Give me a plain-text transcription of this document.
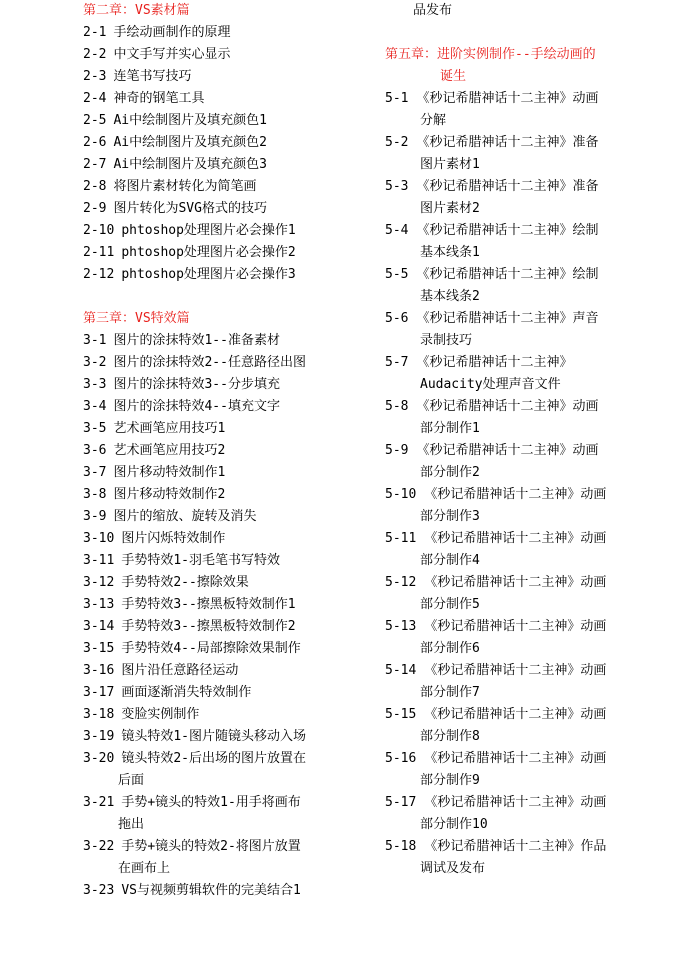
第二章：VS素材篇
2-1 手绘动画制作的原理
2-2 中文手写并实心显示
2-3 连笔书写技巧
2-4 神奇的钢笔工具
2-5 Ai中绘制图片及填充颜色1
2-6 Ai中绘制图片及填充颜色2
2-7 Ai中绘制图片及填充颜色3
2-8 将图片素材转化为简笔画
2-9 图片转化为SVG格式的技巧
2-10 phtoshop处理图片必会操作1
2-11 phtoshop处理图片必会操作2
2-12 phtoshop处理图片必会操作3
第三章：VS特效篇
3-1 图片的涂抹特效1--准备素材
3-2 图片的涂抹特效2--任意路径出图
3-3 图片的涂抹特效3--分步填充
3-4 图片的涂抹特效4--填充文字
3-5 艺术画笔应用技巧1
3-6 艺术画笔应用技巧2
3-7 图片移动特效制作1
3-8 图片移动特效制作2
3-9 图片的缩放、旋转及消失
3-10 图片闪烁特效制作
3-11 手势特效1-羽毛笔书写特效
3-12 手势特效2--擦除效果
3-13 手势特效3--擦黑板特效制作1
3-14 手势特效3--擦黑板特效制作2
3-15 手势特效4--局部擦除效果制作
3-16 图片沿任意路径运动
3-17 画面逐渐消失特效制作
3-18 变脸实例制作
3-19 镜头特效1-图片随镜头移动入场
3-20 镜头特效2-后出场的图片放置在
后面
3-21 手势+镜头的特效1-用手将画布
拖出
3-22 手势+镜头的特效2-将图片放置
在画布上
3-23 VS与视频剪辑软件的完美结合1
品发布
第五章：进阶实例制作--手绘动画的
诞生
5-1 《秒记希腊神话十二主神》动画
分解
5-2 《秒记希腊神话十二主神》准备
图片素材1
5-3 《秒记希腊神话十二主神》准备
图片素材2
5-4 《秒记希腊神话十二主神》绘制
基本线条1
5-5 《秒记希腊神话十二主神》绘制
基本线条2
5-6 《秒记希腊神话十二主神》声音
录制技巧
5-7 《秒记希腊神话十二主神》
Audacity处理声音文件
5-8 《秒记希腊神话十二主神》动画
部分制作1
5-9 《秒记希腊神话十二主神》动画
部分制作2
5-10 《秒记希腊神话十二主神》动画
部分制作3
5-11 《秒记希腊神话十二主神》动画
部分制作4
5-12 《秒记希腊神话十二主神》动画
部分制作5
5-13 《秒记希腊神话十二主神》动画
部分制作6
5-14 《秒记希腊神话十二主神》动画
部分制作7
5-15 《秒记希腊神话十二主神》动画
部分制作8
5-16 《秒记希腊神话十二主神》动画
部分制作9
5-17 《秒记希腊神话十二主神》动画
部分制作10
5-18 《秒记希腊神话十二主神》作品
调试及发布
